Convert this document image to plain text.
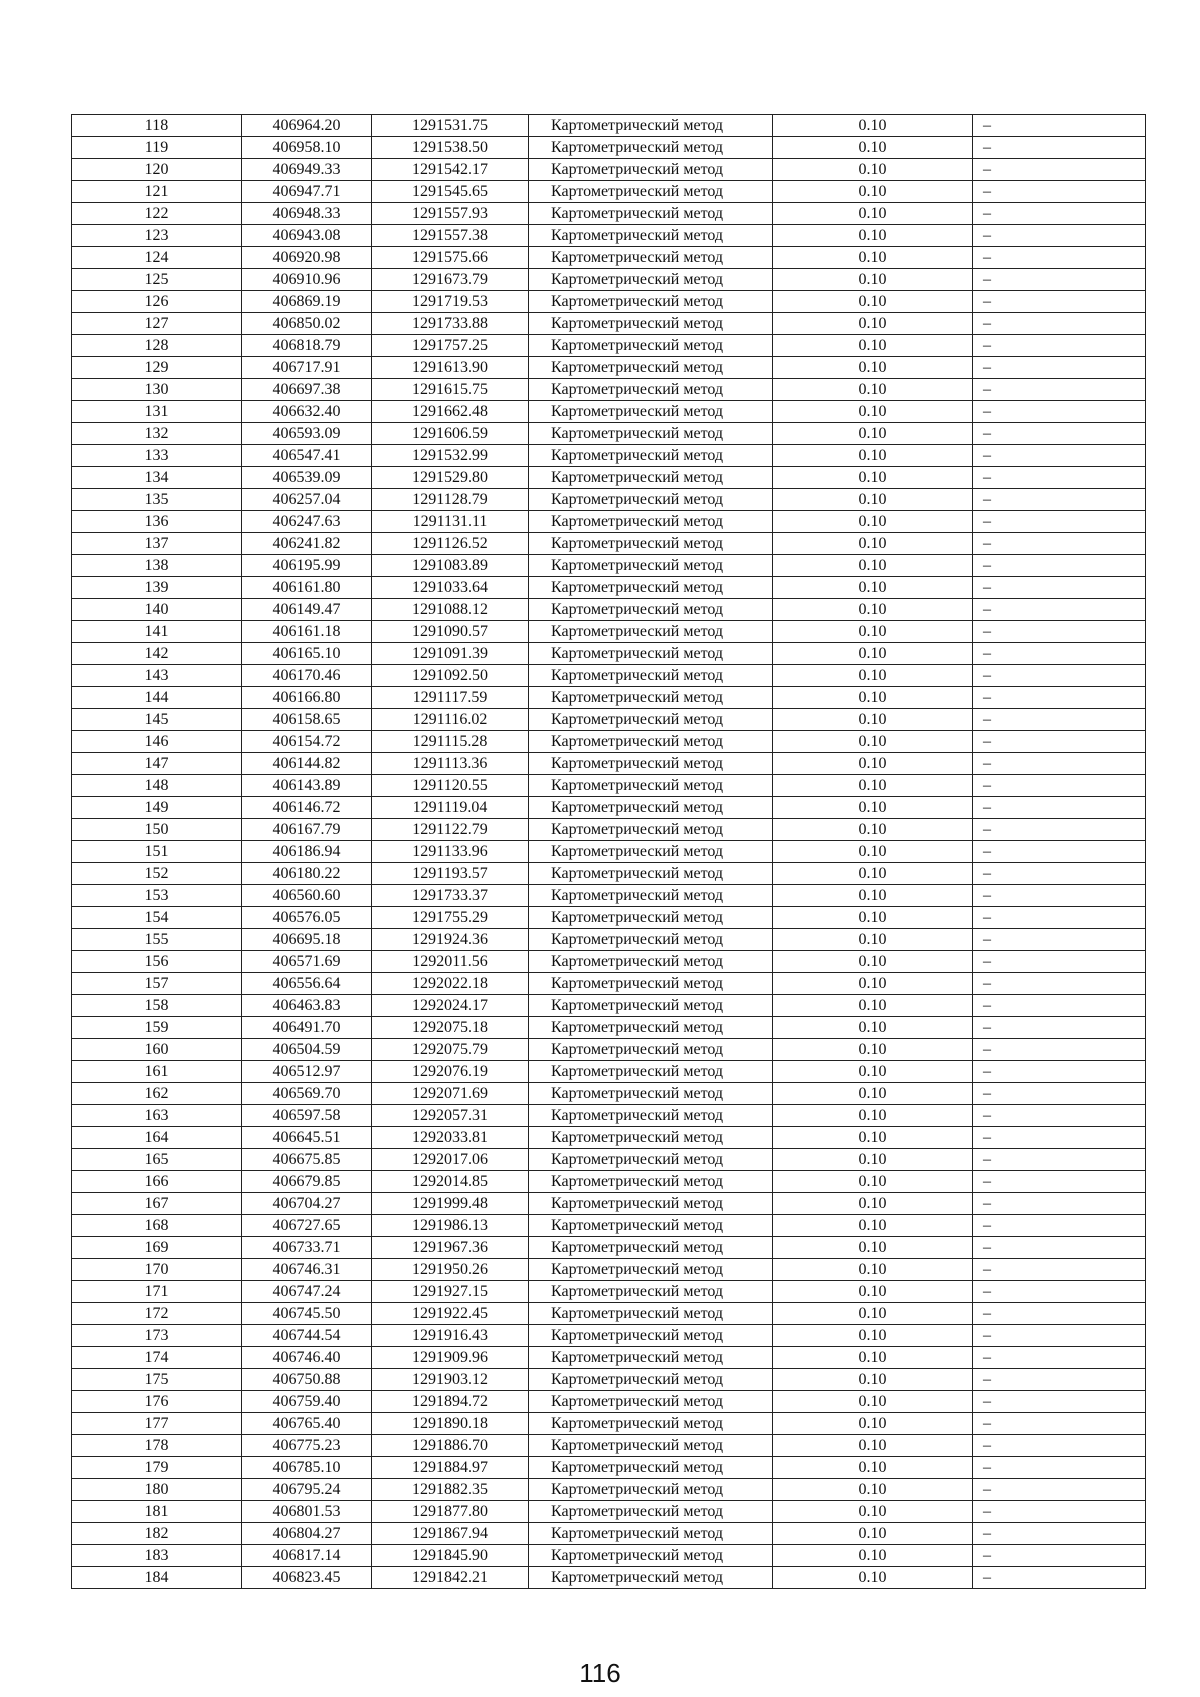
118	406964.20	1291531.75	Картометрический метод	0.10	–
119	406958.10	1291538.50	Картометрический метод	0.10	–
120	406949.33	1291542.17	Картометрический метод	0.10	–
121	406947.71	1291545.65	Картометрический метод	0.10	–
122	406948.33	1291557.93	Картометрический метод	0.10	–
123	406943.08	1291557.38	Картометрический метод	0.10	–
124	406920.98	1291575.66	Картометрический метод	0.10	–
125	406910.96	1291673.79	Картометрический метод	0.10	–
126	406869.19	1291719.53	Картометрический метод	0.10	–
127	406850.02	1291733.88	Картометрический метод	0.10	–
128	406818.79	1291757.25	Картометрический метод	0.10	–
129	406717.91	1291613.90	Картометрический метод	0.10	–
130	406697.38	1291615.75	Картометрический метод	0.10	–
131	406632.40	1291662.48	Картометрический метод	0.10	–
132	406593.09	1291606.59	Картометрический метод	0.10	–
133	406547.41	1291532.99	Картометрический метод	0.10	–
134	406539.09	1291529.80	Картометрический метод	0.10	–
135	406257.04	1291128.79	Картометрический метод	0.10	–
136	406247.63	1291131.11	Картометрический метод	0.10	–
137	406241.82	1291126.52	Картометрический метод	0.10	–
138	406195.99	1291083.89	Картометрический метод	0.10	–
139	406161.80	1291033.64	Картометрический метод	0.10	–
140	406149.47	1291088.12	Картометрический метод	0.10	–
141	406161.18	1291090.57	Картометрический метод	0.10	–
142	406165.10	1291091.39	Картометрический метод	0.10	–
143	406170.46	1291092.50	Картометрический метод	0.10	–
144	406166.80	1291117.59	Картометрический метод	0.10	–
145	406158.65	1291116.02	Картометрический метод	0.10	–
146	406154.72	1291115.28	Картометрический метод	0.10	–
147	406144.82	1291113.36	Картометрический метод	0.10	–
148	406143.89	1291120.55	Картометрический метод	0.10	–
149	406146.72	1291119.04	Картометрический метод	0.10	–
150	406167.79	1291122.79	Картометрический метод	0.10	–
151	406186.94	1291133.96	Картометрический метод	0.10	–
152	406180.22	1291193.57	Картометрический метод	0.10	–
153	406560.60	1291733.37	Картометрический метод	0.10	–
154	406576.05	1291755.29	Картометрический метод	0.10	–
155	406695.18	1291924.36	Картометрический метод	0.10	–
156	406571.69	1292011.56	Картометрический метод	0.10	–
157	406556.64	1292022.18	Картометрический метод	0.10	–
158	406463.83	1292024.17	Картометрический метод	0.10	–
159	406491.70	1292075.18	Картометрический метод	0.10	–
160	406504.59	1292075.79	Картометрический метод	0.10	–
161	406512.97	1292076.19	Картометрический метод	0.10	–
162	406569.70	1292071.69	Картометрический метод	0.10	–
163	406597.58	1292057.31	Картометрический метод	0.10	–
164	406645.51	1292033.81	Картометрический метод	0.10	–
165	406675.85	1292017.06	Картометрический метод	0.10	–
166	406679.85	1292014.85	Картометрический метод	0.10	–
167	406704.27	1291999.48	Картометрический метод	0.10	–
168	406727.65	1291986.13	Картометрический метод	0.10	–
169	406733.71	1291967.36	Картометрический метод	0.10	–
170	406746.31	1291950.26	Картометрический метод	0.10	–
171	406747.24	1291927.15	Картометрический метод	0.10	–
172	406745.50	1291922.45	Картометрический метод	0.10	–
173	406744.54	1291916.43	Картометрический метод	0.10	–
174	406746.40	1291909.96	Картометрический метод	0.10	–
175	406750.88	1291903.12	Картометрический метод	0.10	–
176	406759.40	1291894.72	Картометрический метод	0.10	–
177	406765.40	1291890.18	Картометрический метод	0.10	–
178	406775.23	1291886.70	Картометрический метод	0.10	–
179	406785.10	1291884.97	Картометрический метод	0.10	–
180	406795.24	1291882.35	Картометрический метод	0.10	–
181	406801.53	1291877.80	Картометрический метод	0.10	–
182	406804.27	1291867.94	Картометрический метод	0.10	–
183	406817.14	1291845.90	Картометрический метод	0.10	–
184	406823.45	1291842.21	Картометрический метод	0.10	–
116
